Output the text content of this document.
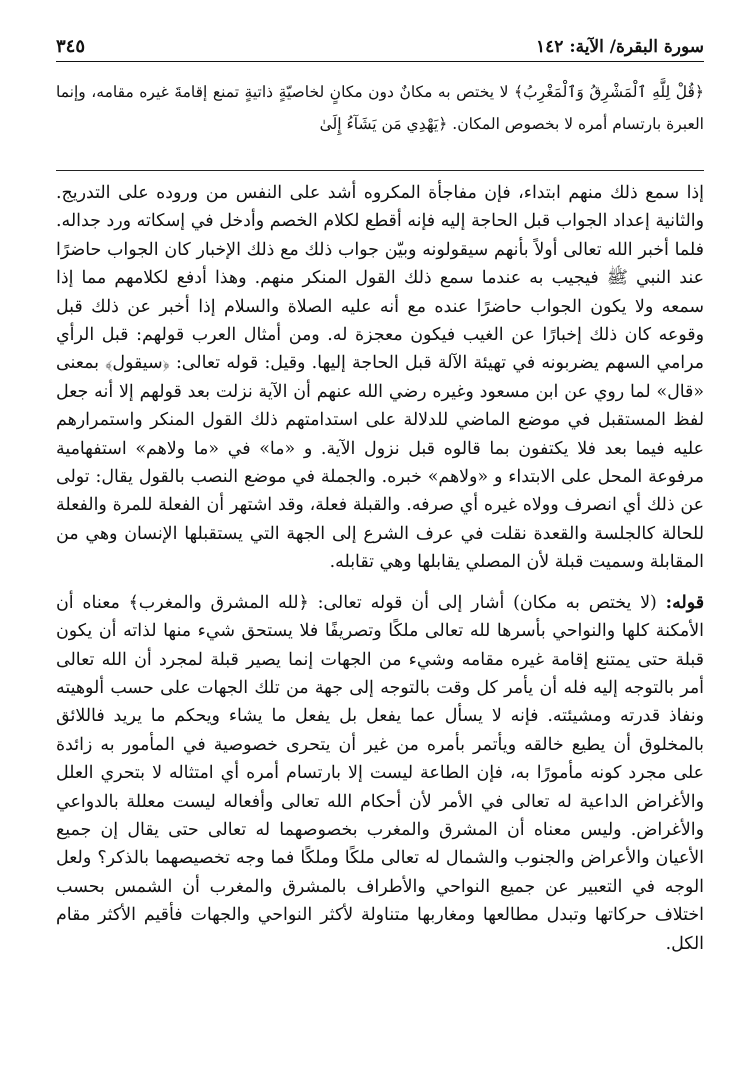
سورة البقرة/ الآية: ١٤٢
٣٤٥
﴿قُلْ لِلَّهِ ٱلْمَشْرِقُ وَٱلْمَغْرِبُ﴾ لا يختص به مكانٌ دون مكانٍ لخاصيّةٍ ذاتيةٍ تمنع إقامةَ غيره مقامه، وإنما العبرة بارتسام أمره لا بخصوص المكان. ﴿يَهْدِي مَن يَشَآءُ إِلَىٰ

إذا سمع ذلك منهم ابتداء، فإن مفاجأة المكروه أشد على النفس من وروده على التدريج. والثانية إعداد الجواب قبل الحاجة إليه فإنه أقطع لكلام الخصم وأدخل في إسكاته ورد جداله. فلما أخبر الله تعالى أولاً بأنهم سيقولونه وبيّن جواب ذلك مع ذلك الإخبار كان الجواب حاضرًا عند النبي ﷺ فيجيب به عندما سمع ذلك القول المنكر منهم. وهذا أدفع لكلامهم مما إذا سمعه ولا يكون الجواب حاضرًا عنده مع أنه عليه الصلاة والسلام إذا أخبر عن ذلك قبل وقوعه كان ذلك إخبارًا عن الغيب فيكون معجزة له. ومن أمثال العرب قولهم: قبل الرأي مرامي السهم يضربونه في تهيئة الآلة قبل الحاجة إليها. وقيل: قوله تعالى: ﴿سيقول﴾ بمعنى «قال» لما روي عن ابن مسعود وغيره رضي الله عنهم أن الآية نزلت بعد قولهم إلا أنه جعل لفظ المستقبل في موضع الماضي للدلالة على استدامتهم ذلك القول المنكر واستمرارهم عليه فيما بعد فلا يكتفون بما قالوه قبل نزول الآية. و «ما» في «ما ولاهم» استفهامية مرفوعة المحل على الابتداء و «ولاهم» خبره. والجملة في موضع النصب بالقول يقال: تولى عن ذلك أي انصرف وولاه غيره أي صرفه. والقبلة فعلة، وقد اشتهر أن الفعلة للمرة والفعلة للحالة كالجلسة والقعدة نقلت في عرف الشرع إلى الجهة التي يستقبلها الإنسان وهي من المقابلة وسميت قبلة لأن المصلي يقابلها وهي تقابله.

قوله: (لا يختص به مكان) أشار إلى أن قوله تعالى: ﴿لله المشرق والمغرب﴾ معناه أن الأمكنة كلها والنواحي بأسرها لله تعالى ملكًا وتصريفًا فلا يستحق شيء منها لذاته أن يكون قبلة حتى يمتنع إقامة غيره مقامه وشيء من الجهات إنما يصير قبلة لمجرد أن الله تعالى أمر بالتوجه إليه فله أن يأمر كل وقت بالتوجه إلى جهة من تلك الجهات على حسب ألوهيته ونفاذ قدرته ومشيئته. فإنه لا يسأل عما يفعل بل يفعل ما يشاء ويحكم ما يريد فاللائق بالمخلوق أن يطيع خالقه ويأتمر بأمره من غير أن يتحرى خصوصية في المأمور به زائدة على مجرد كونه مأمورًا به، فإن الطاعة ليست إلا بارتسام أمره أي امتثاله لا بتحري العلل والأغراض الداعية له تعالى في الأمر لأن أحكام الله تعالى وأفعاله ليست معللة بالدواعي والأغراض. وليس معناه أن المشرق والمغرب بخصوصهما له تعالى حتى يقال إن جميع الأعيان والأعراض والجنوب والشمال له تعالى ملكًا وملكًا فما وجه تخصيصهما بالذكر؟ ولعل الوجه في التعبير عن جميع النواحي والأطراف بالمشرق والمغرب أن الشمس بحسب اختلاف حركاتها وتبدل مطالعها ومغاربها متناولة لأكثر النواحي والجهات فأقيم الأكثر مقام الكل.
